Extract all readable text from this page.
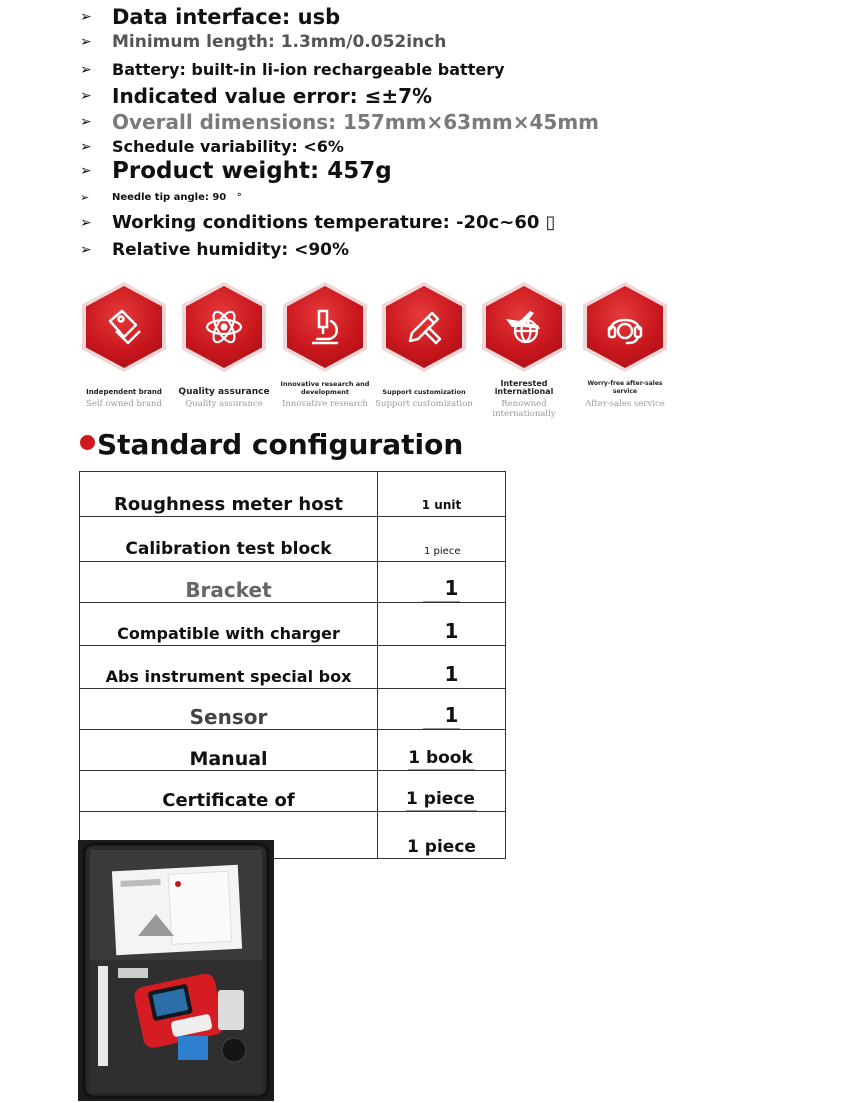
➢ Data interface: usb
➢	Minimum length: 1.3mm/0.052inch
➢	Battery: built-in li-ion rechargeable battery
➢	Indicated value error: ≤±7%
➢	Overall dimensions: 157mm×63mm×45mm
➢	Schedule variability: <6%
➢ Product weight: 457g
➢	Needle tip angle: 90   °
➢	Working conditions temperature: -20c~60 ▯
➢	Relative humidity: <90%
Independent brand
Self owned brand
Quality assurance
Quality assurance
Innovative research and development
Innovative research
Support customization
Support customization
Interested international
Renowned internationally
Worry-free after-sales service
After-sales service
Standard configuration
Roughness meter host	1 unit
Calibration test block	1 piece
Bracket	1
Compatible with charger	1
Abs instrument special box	1
Sensor	1
Manual	1 book
Certificate of	1 piece
	1 piece
